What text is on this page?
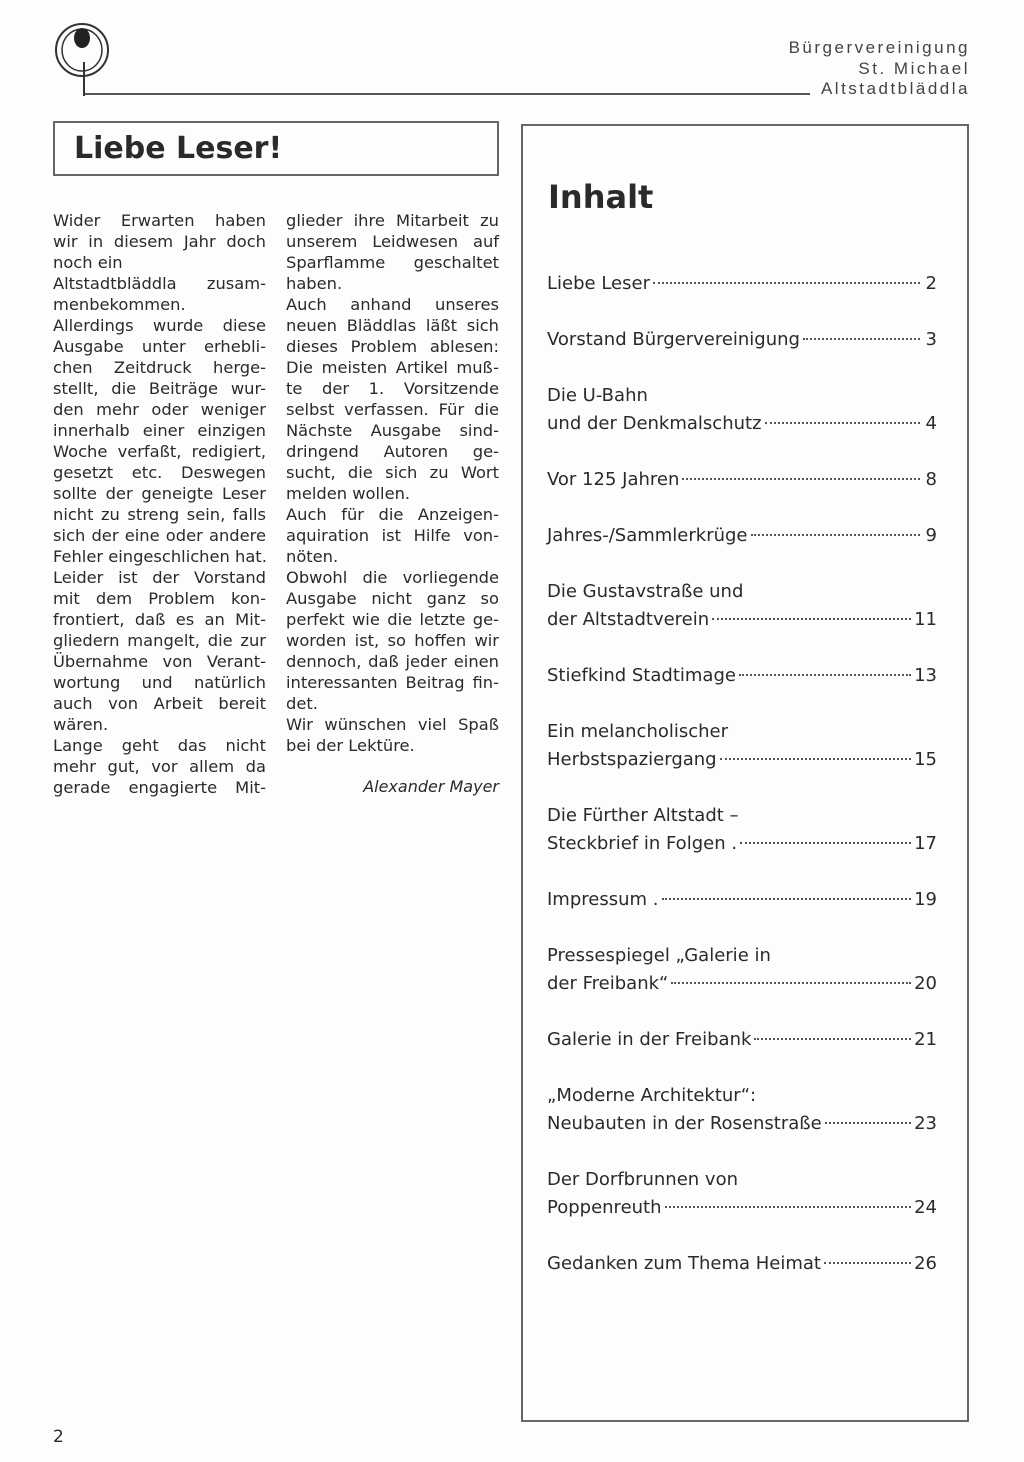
Bürgervereinigung
St. Michael
Altstadtbläddla
Liebe Leser!
Wider Erwarten haben
wir in diesem Jahr doch
noch ein
Altstadtbläddla zusam-
menbekommen.
Allerdings wurde diese
Ausgabe unter erhebli-
chen Zeitdruck herge-
stellt, die Beiträge wur-
den mehr oder weniger
innerhalb einer einzigen
Woche verfaßt, redigiert,
gesetzt etc. Deswegen
sollte der geneigte Leser
nicht zu streng sein, falls
sich der eine oder andere
Fehler eingeschlichen hat.
Leider ist der Vorstand
mit dem Problem kon-
frontiert, daß es an Mit-
gliedern mangelt, die zur
Übernahme von Verant-
wortung und natürlich
auch von Arbeit bereit
wären.
Lange geht das nicht
mehr gut, vor allem da
gerade engagierte Mit-
glieder ihre Mitarbeit zu
unserem Leidwesen auf
Sparflamme geschaltet
haben.
Auch anhand unseres
neuen Bläddlas läßt sich
dieses Problem ablesen:
Die meisten Artikel muß-
te der 1. Vorsitzende
selbst verfassen. Für die
Nächste Ausgabe sind-
dringend Autoren ge-
sucht, die sich zu Wort
melden wollen.
Auch für die Anzeigen-
aquiration ist Hilfe von-
nöten.
Obwohl die vorliegende
Ausgabe nicht ganz so
perfekt wie die letzte ge-
worden ist, so hoffen wir
dennoch, daß jeder einen
interessanten Beitrag fin-
det.
Wir wünschen viel Spaß
bei der Lektüre.
Alexander Mayer
Inhalt
Liebe Leser	2
Vorstand Bürgervereinigung	3
Die U-Bahn
und der Denkmalschutz	4
Vor 125 Jahren	8
Jahres-/Sammlerkrüge	9
Die Gustavstraße und
der Altstadtverein	11
Stiefkind Stadtimage	13
Ein melancholischer
Herbstspaziergang	15
Die Fürther Altstadt –
Steckbrief in Folgen .	17
Impressum .	19
Pressespiegel „Galerie in
der Freibank“	20
Galerie in der Freibank	21
„Moderne Architektur“:
Neubauten in der Rosenstraße	23
Der Dorfbrunnen von
Poppenreuth	24
Gedanken zum Thema Heimat	26
2
